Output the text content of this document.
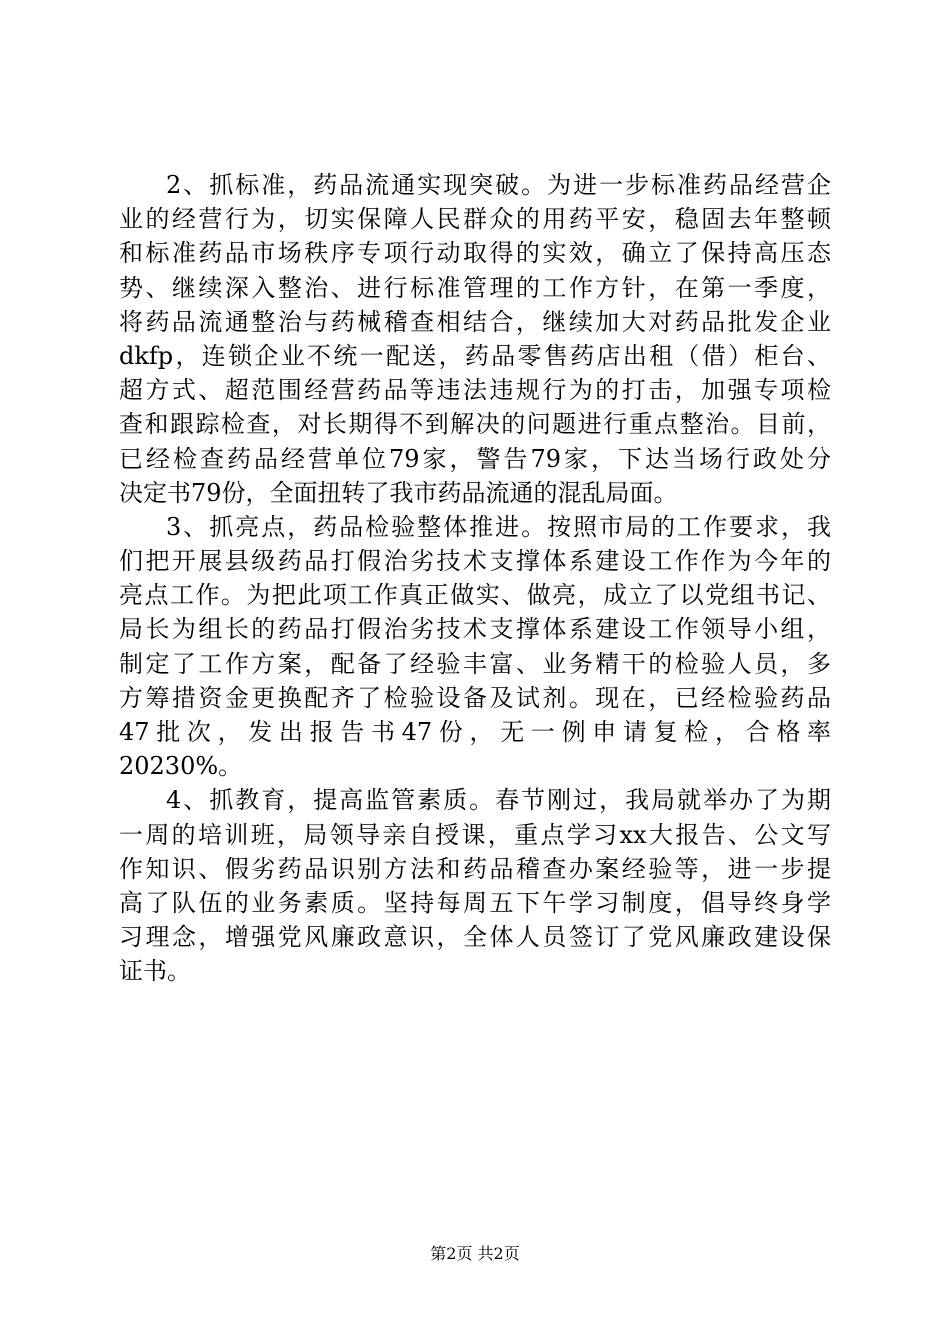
2、抓标准，药品流通实现突破。为进一步标准药品经营企
业的经营行为，切实保障人民群众的用药平安，稳固去年整顿
和标准药品市场秩序专项行动取得的实效，确立了保持高压态
势、继续深入整治、进行标准管理的工作方针，在第一季度，
将药品流通整治与药械稽查相结合，继续加大对药品批发企业
dkfp，连锁企业不统一配送，药品零售药店出租（借）柜台、
超方式、超范围经营药品等违法违规行为的打击，加强专项检
查和跟踪检查，对长期得不到解决的问题进行重点整治。目前，
已经检查药品经营单位79家，警告79家，下达当场行政处分
决定书79份，全面扭转了我市药品流通的混乱局面。
3、抓亮点，药品检验整体推进。按照市局的工作要求，我
们把开展县级药品打假治劣技术支撑体系建设工作作为今年的
亮点工作。为把此项工作真正做实、做亮，成立了以党组书记、
局长为组长的药品打假治劣技术支撑体系建设工作领导小组，
制定了工作方案，配备了经验丰富、业务精干的检验人员，多
方筹措资金更换配齐了检验设备及试剂。现在，已经检验药品
47批次，发出报告书47份，无一例申请复检，合格率
20230%。
4、抓教育，提高监管素质。春节刚过，我局就举办了为期
一周的培训班，局领导亲自授课，重点学习xx大报告、公文写
作知识、假劣药品识别方法和药品稽查办案经验等，进一步提
高了队伍的业务素质。坚持每周五下午学习制度，倡导终身学
习理念，增强党风廉政意识，全体人员签订了党风廉政建设保
证书。
第2页 共2页
